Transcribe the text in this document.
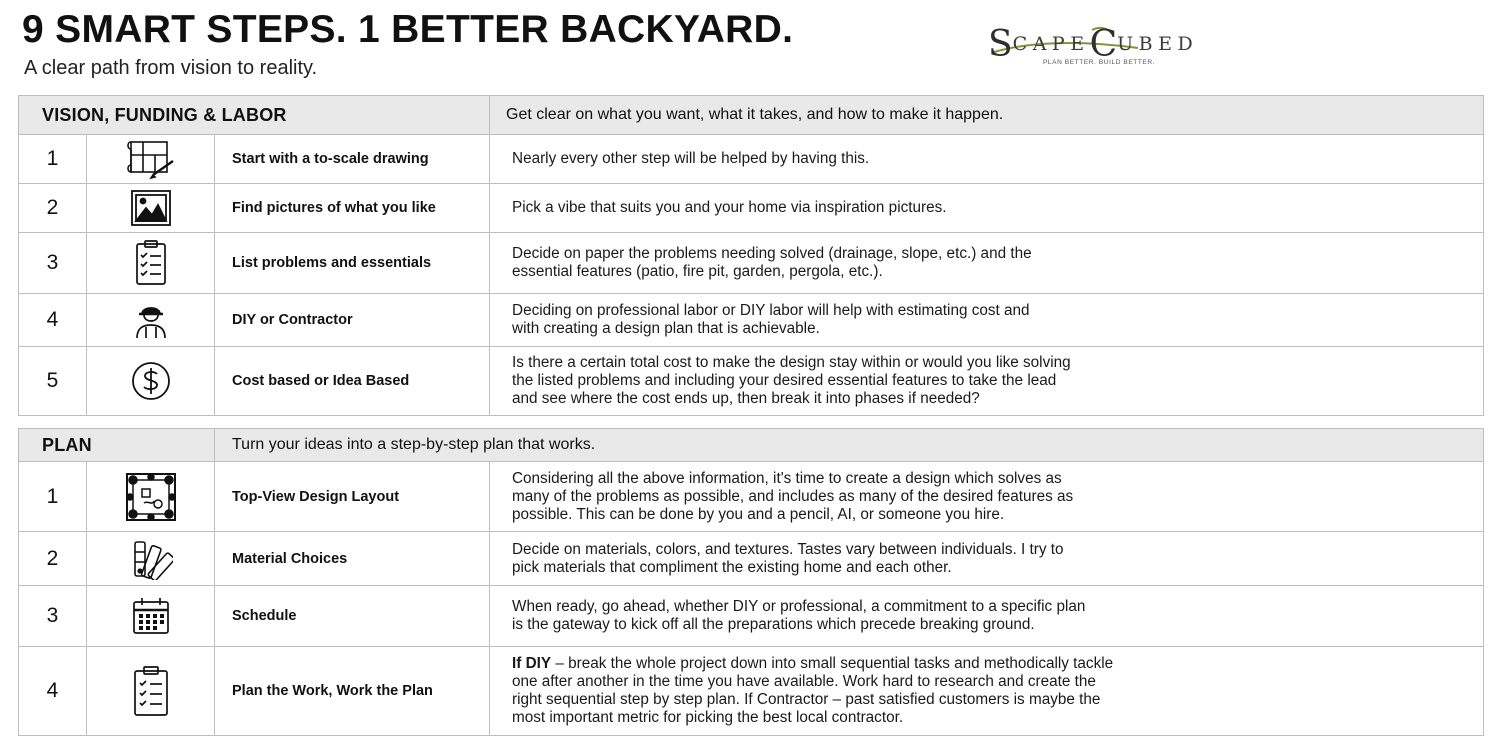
9 SMART STEPS. 1 BETTER BACKYARD.
A clear path from vision to reality.
SCAPECUBED
PLAN BETTER. BUILD BETTER.
VISION, FUNDING & LABOR			Get clear on what you want, what it takes, and how to make it happen.
1		Start with a to-scale drawing	Nearly every other step will be helped by having this.
2		Find pictures of what you like	Pick a vibe that suits you and your home via inspiration pictures.
3		List problems and essentials	Decide on paper the problems needing solved (drainage, slope, etc.) and the
essential features (patio, fire pit, garden, pergola, etc.).
4		DIY or Contractor	Deciding on professional labor or DIY labor will help with estimating cost and
with creating a design plan that is achievable.
5		Cost based or Idea Based	Is there a certain total cost to make the design stay within or would you like solving
the listed problems and including your desired essential features to take the lead
and see where the cost ends up, then break it into phases if needed?
PLAN		Turn your ideas into a step-by-step plan that works.	
1		Top-View Design Layout	Considering all the above information, it's time to create a design which solves as
many of the problems as possible, and includes as many of the desired features as
possible. This can be done by you and a pencil, AI, or someone you hire.
2		Material Choices	Decide on materials, colors, and textures. Tastes vary between individuals. I try to
pick materials that compliment the existing home and each other.
3		Schedule	When ready, go ahead, whether DIY or professional, a commitment to a specific plan
is the gateway to kick off all the preparations which precede breaking ground.
4		Plan the Work, Work the Plan	If DIY – break the whole project down into small sequential tasks and methodically tackle
one after another in the time you have available. Work hard to research and create the
right sequential step by step plan. If Contractor – past satisfied customers is maybe the
most important metric for picking the best local contractor.
